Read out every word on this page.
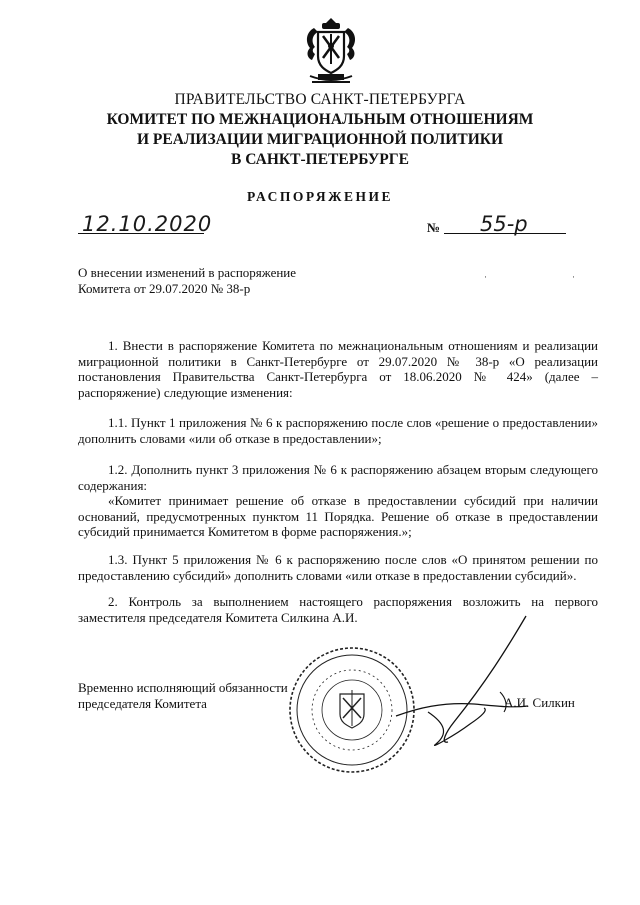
ПРАВИТЕЛЬСТВО САНКТ-ПЕТЕРБУРГА
КОМИТЕТ ПО МЕЖНАЦИОНАЛЬНЫМ ОТНОШЕНИЯМ
И РЕАЛИЗАЦИИ МИГРАЦИОННОЙ ПОЛИТИКИ
В САНКТ-ПЕТЕРБУРГЕ
РАСПОРЯЖЕНИЕ
12.10.2020	№ 55-р
О внесении изменений в распоряжение
Комитета от 29.07.2020 № 38-р
1. Внести в распоряжение Комитета по межнациональным отношениям и реализации миграционной политики в Санкт-Петербурге от 29.07.2020 № 38-р «О реализации постановления Правительства Санкт-Петербурга от 18.06.2020 № 424» (далее – распоряжение) следующие изменения:
1.1. Пункт 1 приложения № 6 к распоряжению после слов «решение о предоставлении» дополнить словами «или об отказе в предоставлении»;
1.2. Дополнить пункт 3 приложения № 6 к распоряжению абзацем вторым следующего содержания:
«Комитет принимает решение об отказе в предоставлении субсидий при наличии оснований, предусмотренных пунктом 11 Порядка. Решение об отказе в предоставлении субсидий принимается Комитетом в форме распоряжения.»;
1.3. Пункт 5 приложения № 6 к распоряжению после слов «О принятом решении по предоставлению субсидий» дополнить словами «или отказе в предоставлении субсидий».
2. Контроль за выполнением настоящего распоряжения возложить на первого заместителя председателя Комитета Силкина А.И.
Временно исполняющий обязанности
председателя Комитета	А.И. Силкин
·	·
